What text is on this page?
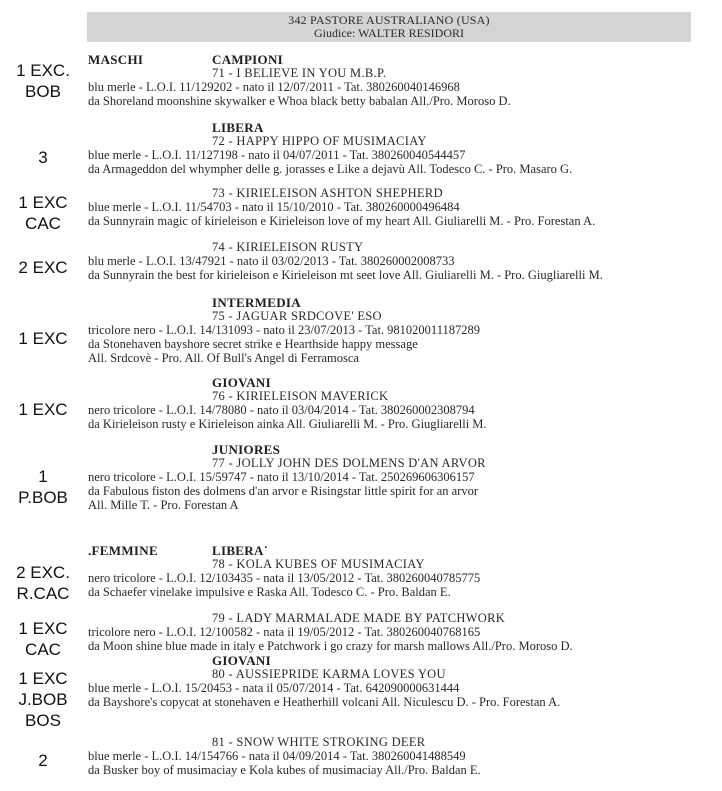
342 PASTORE AUSTRALIANO (USA)
Giudice: WALTER RESIDORI
MASCHI	CAMPIONI
LIBERA
INTERMEDIA
GIOVANI
JUNIORES
.FEMMINE	LIBERA˙
GIOVANI
1 EXC.
BOB
71 - I BELIEVE IN YOU M.B.P.
blu merle - L.O.I. 11/129202 - nato il 12/07/2011 - Tat. 380260040146968
da Shoreland moonshine skywalker e Whoa black betty babalan All./Pro. Moroso D.
3
72 - HAPPY HIPPO OF MUSIMACIAY
blue merle - L.O.I. 11/127198 - nato il 04/07/2011 - Tat. 380260040544457
da Armageddon del whympher delle g. jorasses e Like a dejavù All. Todesco C. - Pro. Masaro G.
1 EXC
CAC
73 - KIRIELEISON ASHTON SHEPHERD
blue merle - L.O.I. 11/54703 - nato il 15/10/2010 - Tat. 380260000496484
da Sunnyrain magic of kirieleison e Kirieleison love of my heart All. Giuliarelli M. - Pro. Forestan A.
2 EXC
74 - KIRIELEISON RUSTY
blu merle - L.O.I. 13/47921 - nato il 03/02/2013 - Tat. 380260002008733
da Sunnyrain the best for kirieleison e Kirieleison mt seet love All. Giuliarelli M. - Pro. Giugliarelli M.
1 EXC
75 - JAGUAR SRDCOVE' ESO
tricolore nero - L.O.I. 14/131093 - nato il 23/07/2013 - Tat. 981020011187289
da Stonehaven bayshore secret strike e Hearthside happy message
All. Srdcovè - Pro. All. Of Bull's Angel di Ferramosca
1 EXC
76 - KIRIELEISON MAVERICK
nero tricolore - L.O.I. 14/78080 - nato il 03/04/2014 - Tat. 380260002308794
da Kirieleison rusty e Kirieleison ainka All. Giuliarelli M. - Pro. Giugliarelli M.
1
P.BOB
77 - JOLLY JOHN DES DOLMENS D'AN ARVOR
nero tricolore - L.O.I. 15/59747 - nato il 13/10/2014 - Tat. 250269606306157
da Fabulous fiston des dolmens d'an arvor e Risingstar little spirit for an arvor
All. Mille T. - Pro. Forestan A
2 EXC.
R.CAC
78 - KOLA KUBES OF MUSIMACIAY
nero tricolore - L.O.I. 12/103435 - nata il 13/05/2012 - Tat. 380260040785775
da Schaefer vinelake impulsive e Raska All. Todesco C. - Pro. Baldan E.
1 EXC
CAC
79 - LADY MARMALADE MADE BY PATCHWORK
tricolore nero - L.O.I. 12/100582 - nata il 19/05/2012 - Tat. 380260040768165
da Moon shine blue made in italy e Patchwork i go crazy for marsh mallows All./Pro. Moroso D.
1 EXC
J.BOB
BOS
80 - AUSSIEPRIDE KARMA LOVES YOU
blue merle - L.O.I. 15/20453 - nata il 05/07/2014 - Tat. 642090000631444
da Bayshore's copycat at stonehaven e Heatherhill volcani All. Niculescu D. - Pro. Forestan A.
2
81 - SNOW WHITE STROKING DEER
blue merle - L.O.I. 14/154766 - nata il 04/09/2014 - Tat. 380260041488549
da Busker boy of musimaciay e Kola kubes of musimaciay All./Pro. Baldan E.
